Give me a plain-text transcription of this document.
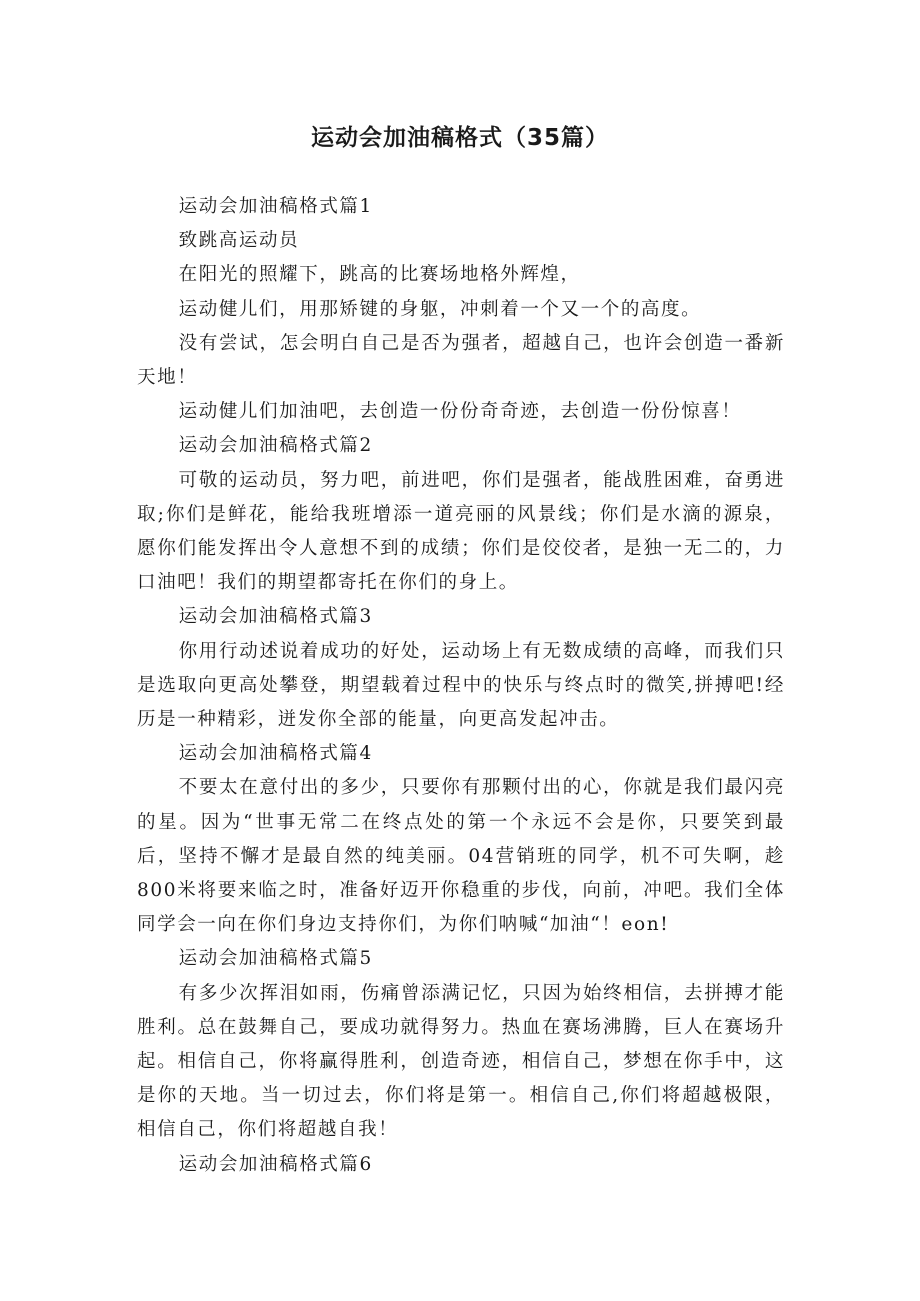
运动会加油稿格式（35篇）

运动会加油稿格式篇1

致跳高运动员

在阳光的照耀下，跳高的比赛场地格外辉煌，

运动健儿们，用那矫键的身躯，冲刺着一个又一个的高度。

没有尝试，怎会明白自己是否为强者，超越自己，也许会创造一番新天地！

运动健儿们加油吧，去创造一份份奇奇迹，去创造一份份惊喜！

运动会加油稿格式篇2

可敬的运动员，努力吧，前进吧，你们是强者，能战胜困难，奋勇进取;你们是鲜花，能给我班增添一道亮丽的风景线；你们是水滴的源泉，愿你们能发挥出令人意想不到的成绩；你们是佼佼者，是独一无二的，力口油吧！我们的期望都寄托在你们的身上。

运动会加油稿格式篇3

你用行动述说着成功的好处，运动场上有无数成绩的高峰，而我们只是选取向更高处攀登，期望载着过程中的快乐与终点时的微笑,拼搏吧!经历是一种精彩，迸发你全部的能量，向更高发起冲击。

运动会加油稿格式篇4

不要太在意付出的多少，只要你有那颗付出的心，你就是我们最闪亮的星。因为“世事无常二在终点处的第一个永远不会是你，只要笑到最后，坚持不懈才是最自然的纯美丽。04营销班的同学，机不可失啊，趁800米将要来临之时，准备好迈开你稳重的步伐，向前，冲吧。我们全体同学会一向在你们身边支持你们，为你们呐喊“加油“！eon!

运动会加油稿格式篇5

有多少次挥泪如雨，伤痛曾添满记忆，只因为始终相信，去拼搏才能胜利。总在鼓舞自己，要成功就得努力。热血在赛场沸腾，巨人在赛场升起。相信自己，你将赢得胜利，创造奇迹，相信自己，梦想在你手中，这是你的天地。当一切过去，你们将是第一。相信自己,你们将超越极限，相信自己，你们将超越自我！

运动会加油稿格式篇6
